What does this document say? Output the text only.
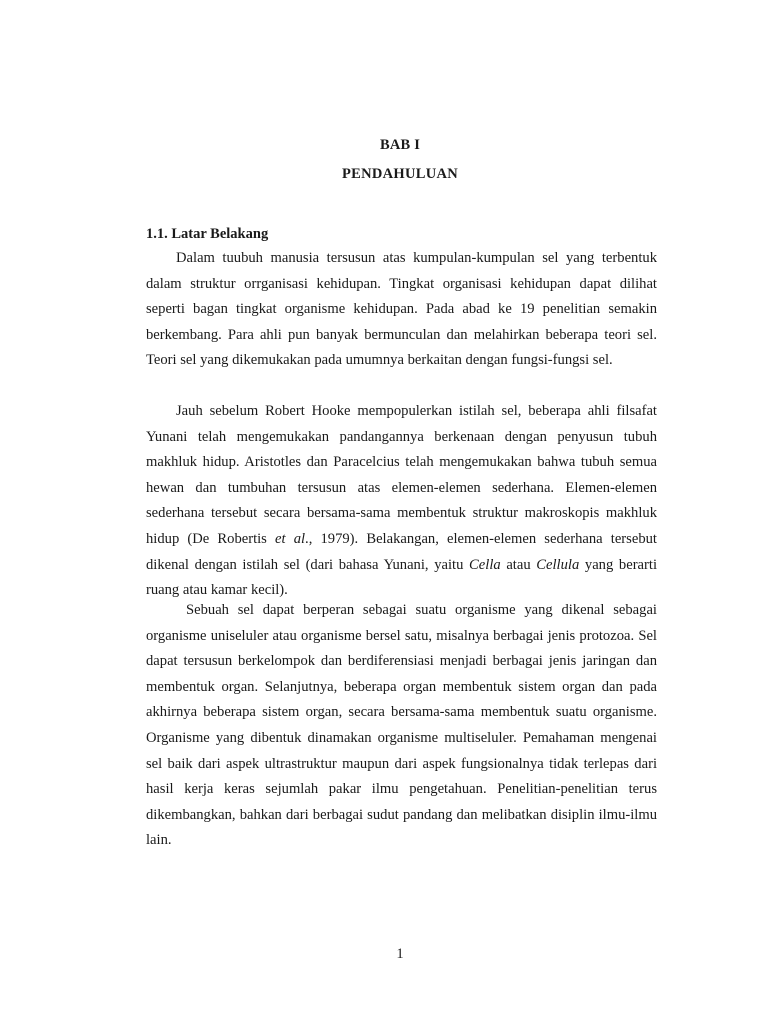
BAB I
PENDAHULUAN
1.1. Latar Belakang

Dalam tuubuh manusia tersusun atas kumpulan-kumpulan sel yang terbentuk dalam struktur orrganisasi kehidupan. Tingkat organisasi kehidupan dapat dilihat seperti bagan tingkat organisme kehidupan. Pada abad ke 19 penelitian semakin berkembang. Para ahli pun banyak bermunculan dan melahirkan beberapa teori sel. Teori sel yang dikemukakan pada umumnya berkaitan dengan fungsi-fungsi sel.

Jauh sebelum Robert Hooke mempopulerkan istilah sel, beberapa ahli filsafat Yunani telah mengemukakan pandangannya berkenaan dengan penyusun tubuh makhluk hidup. Aristotles dan Paracelcius telah mengemukakan bahwa tubuh semua hewan dan tumbuhan tersusun atas elemen-elemen sederhana. Elemen-elemen sederhana tersebut secara bersama-sama membentuk struktur makroskopis makhluk hidup (De Robertis et al., 1979). Belakangan, elemen-elemen sederhana tersebut dikenal dengan istilah sel (dari bahasa Yunani, yaitu Cella atau Cellula yang berarti ruang atau kamar kecil).

Sebuah sel dapat berperan sebagai suatu organisme yang dikenal sebagai organisme uniseluler atau organisme bersel satu, misalnya berbagai jenis protozoa. Sel dapat tersusun berkelompok dan berdiferensiasi menjadi berbagai jenis jaringan dan membentuk organ. Selanjutnya, beberapa organ membentuk sistem organ dan pada akhirnya beberapa sistem organ, secara bersama-sama membentuk suatu organisme. Organisme yang dibentuk dinamakan organisme multiseluler. Pemahaman mengenai sel baik dari aspek ultrastruktur maupun dari aspek fungsionalnya tidak terlepas dari hasil kerja keras sejumlah pakar ilmu pengetahuan. Penelitian-penelitian terus dikembangkan, bahkan dari berbagai sudut pandang dan melibatkan disiplin ilmu-ilmu lain.

1
